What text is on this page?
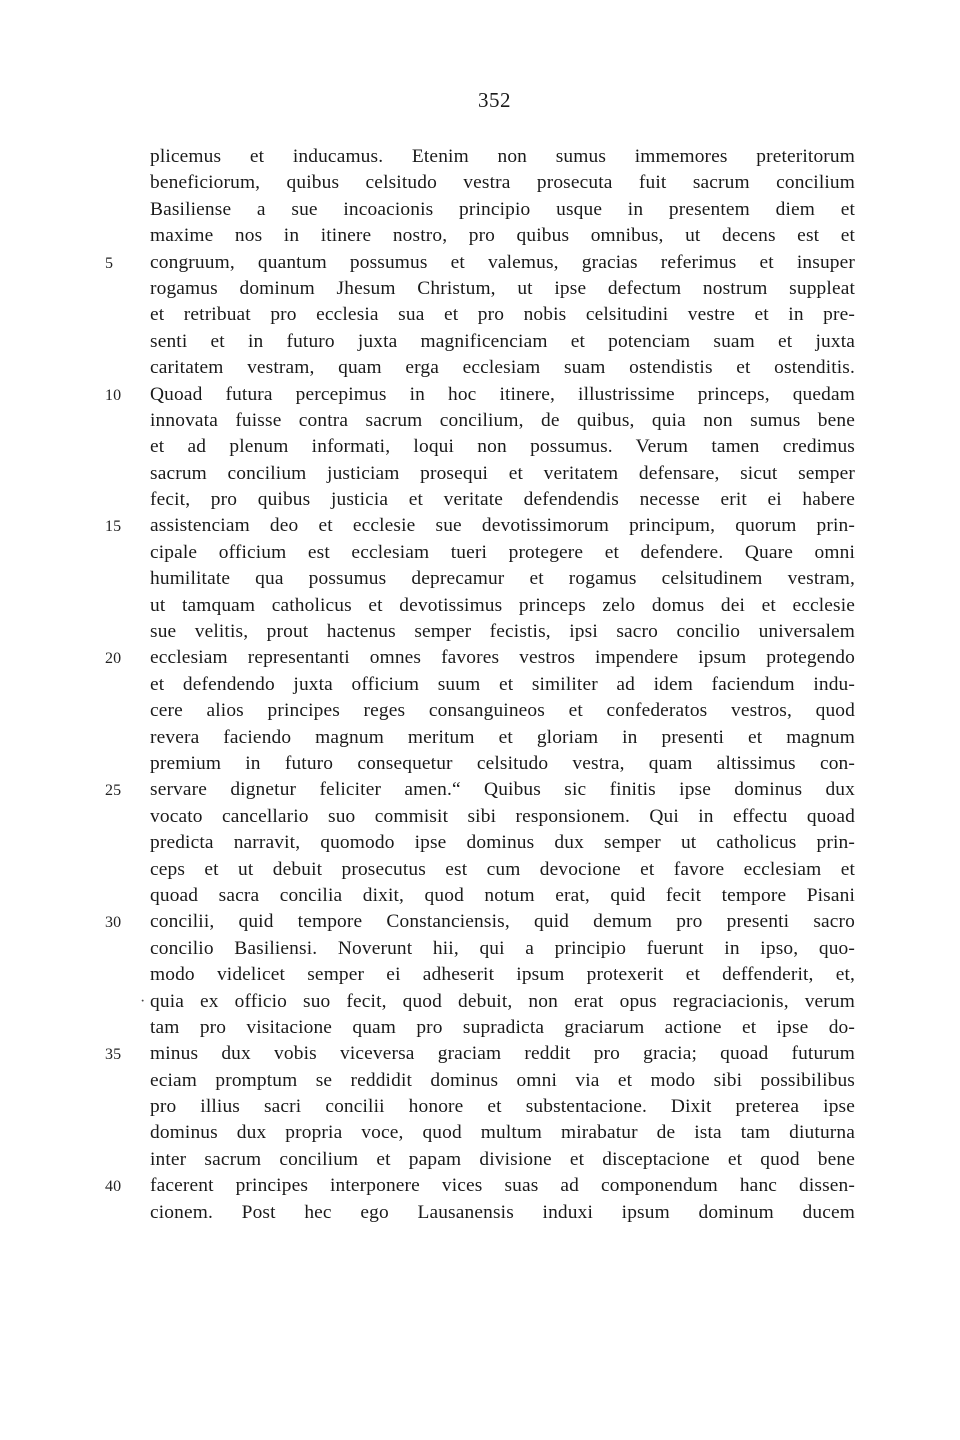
352
plicemus et inducamus. Etenim non sumus immemores preteritorum
beneficiorum, quibus celsitudo vestra prosecuta fuit sacrum concilium
Basiliense a sue incoacionis principio usque in presentem diem et
maxime nos in itinere nostro, pro quibus omnibus, ut decens est et
5	congruum, quantum possumus et valemus, gracias referimus et insuper
rogamus dominum Jhesum Christum, ut ipse defectum nostrum suppleat
et retribuat pro ecclesia sua et pro nobis celsitudini vestre et in pre-
senti et in futuro juxta magnificenciam et potenciam suam et juxta
caritatem vestram, quam erga ecclesiam suam ostendistis et ostenditis.
10	Quoad futura percepimus in hoc itinere, illustrissime princeps, quedam
innovata fuisse contra sacrum concilium, de quibus, quia non sumus bene
et ad plenum informati, loqui non possumus. Verum tamen credimus
sacrum concilium justiciam prosequi et veritatem defensare, sicut semper
fecit, pro quibus justicia et veritate defendendis necesse erit ei habere
15	assistenciam deo et ecclesie sue devotissimorum principum, quorum prin-
cipale officium est ecclesiam tueri protegere et defendere. Quare omni
humilitate qua possumus deprecamur et rogamus celsitudinem vestram,
ut tamquam catholicus et devotissimus princeps zelo domus dei et ecclesie
sue velitis, prout hactenus semper fecistis, ipsi sacro concilio universalem
20	ecclesiam representanti omnes favores vestros impendere ipsum protegendo
et defendendo juxta officium suum et similiter ad idem faciendum indu-
cere alios principes reges consanguineos et confederatos vestros, quod
revera faciendo magnum meritum et gloriam in presenti et magnum
premium in futuro consequetur celsitudo vestra, quam altissimus con-
25	servare dignetur feliciter amen.“ Quibus sic finitis ipse dominus dux
vocato cancellario suo commisit sibi responsionem. Qui in effectu quoad
predicta narravit, quomodo ipse dominus dux semper ut catholicus prin-
ceps et ut debuit prosecutus est cum devocione et favore ecclesiam et
quoad sacra concilia dixit, quod notum erat, quid fecit tempore Pisani
30	concilii, quid tempore Constanciensis, quid demum pro presenti sacro
concilio Basiliensi. Noverunt hii, qui a principio fuerunt in ipso, quo-
modo videlicet semper ei adheserit ipsum protexerit et deffenderit, et,
· quia ex officio suo fecit, quod debuit, non erat opus regraciacionis, verum
tam pro visitacione quam pro supradicta graciarum actione et ipse do-
35	minus dux vobis viceversa graciam reddit pro gracia; quoad futurum
eciam promptum se reddidit dominus omni via et modo sibi possibilibus
pro illius sacri concilii honore et substentacione. Dixit preterea ipse
dominus dux propria voce, quod multum mirabatur de ista tam diuturna
inter sacrum concilium et papam divisione et disceptacione et quod bene
40	facerent principes interponere vices suas ad componendum hanc dissen-
cionem. Post hec ego Lausanensis induxi ipsum dominum ducem
